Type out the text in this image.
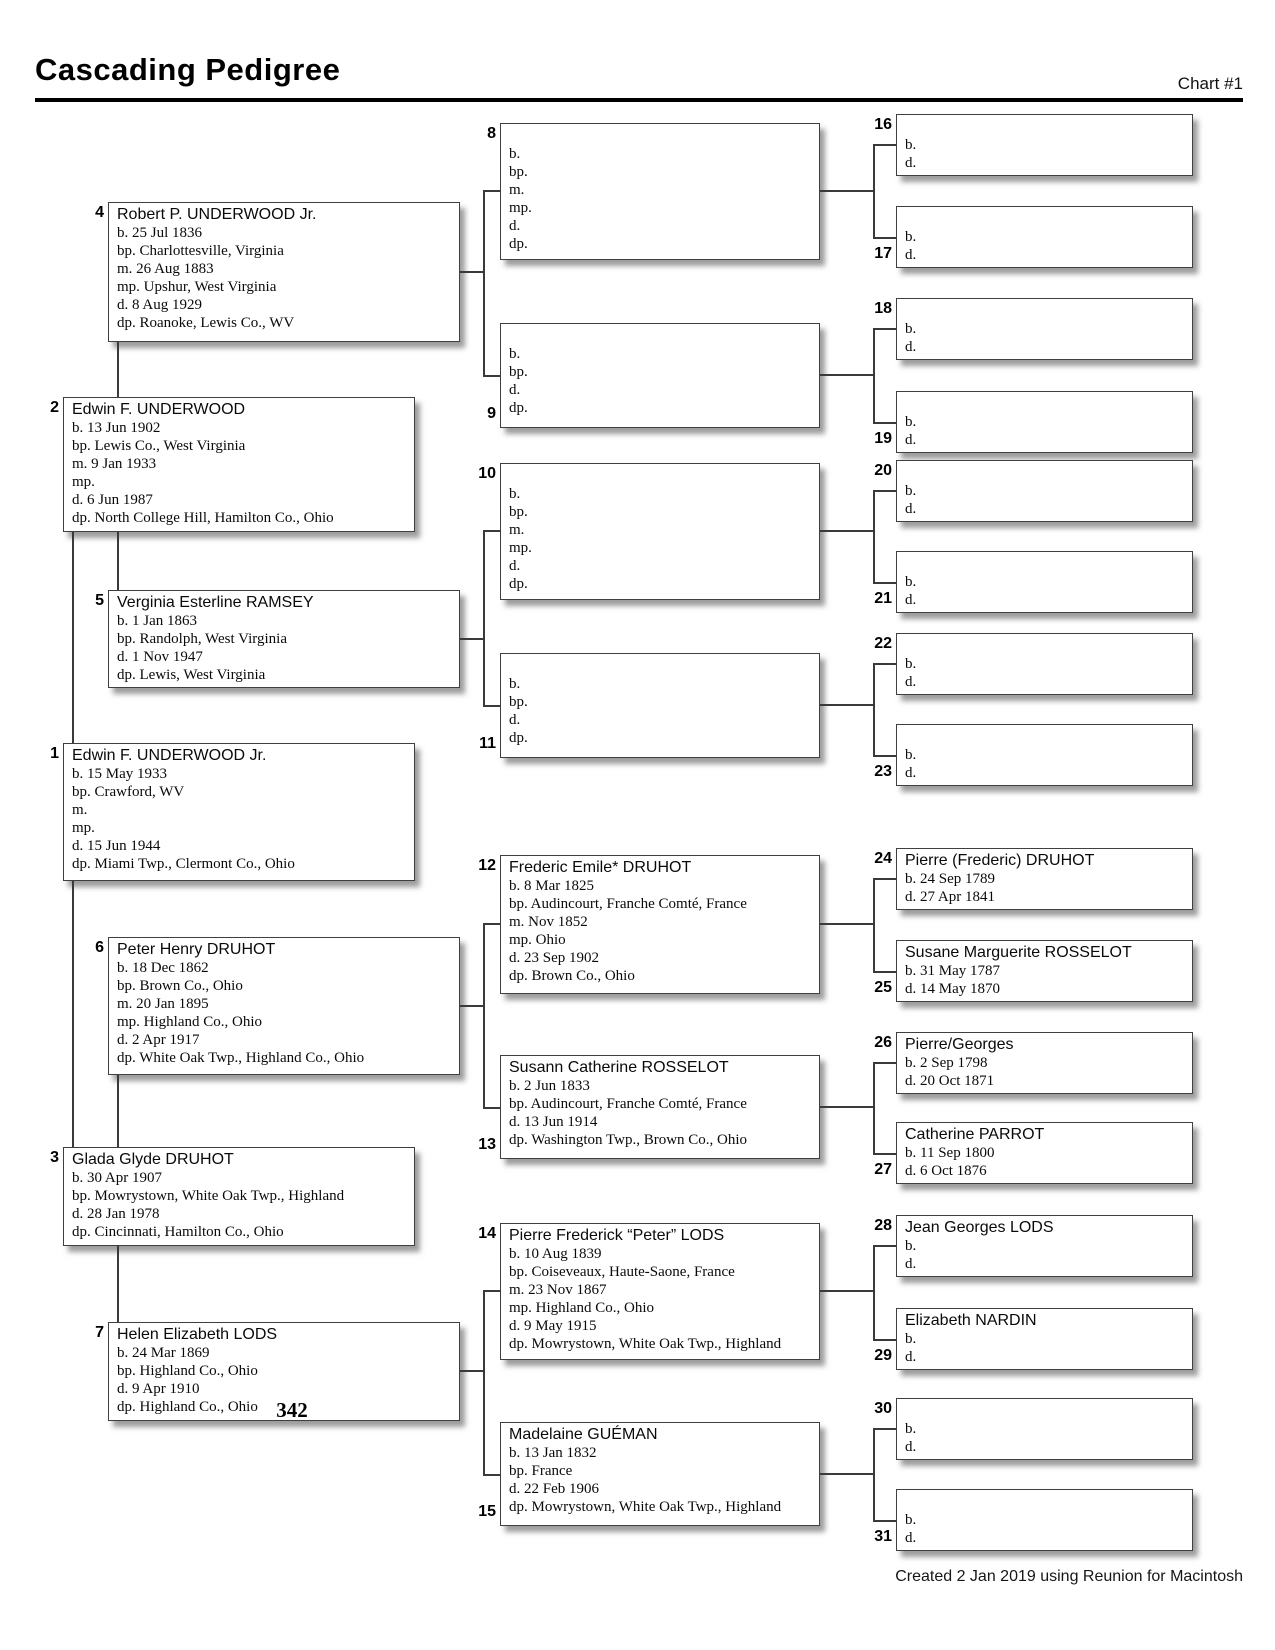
Cascading Pedigree	Chart #1
4 Robert P. UNDERWOOD Jr.
b. 25 Jul 1836
bp. Charlottesville, Virginia
m. 26 Aug 1883
mp. Upshur, West Virginia
d. 8 Aug 1929
dp. Roanoke, Lewis Co., WV
2 Edwin F. UNDERWOOD
b. 13 Jun 1902
bp. Lewis Co., West Virginia
m. 9 Jan 1933
mp.
d. 6 Jun 1987
dp. North College Hill, Hamilton Co., Ohio
5 Verginia Esterline RAMSEY
b. 1 Jan 1863
bp. Randolph, West Virginia
d. 1 Nov 1947
dp. Lewis, West Virginia
1 Edwin F. UNDERWOOD Jr.
b. 15 May 1933
bp. Crawford, WV
m.
mp.
d. 15 Jun 1944
dp. Miami Twp., Clermont Co., Ohio
6 Peter Henry DRUHOT
b. 18 Dec 1862
bp. Brown Co., Ohio
m. 20 Jan 1895
mp. Highland Co., Ohio
d. 2 Apr 1917
dp. White Oak Twp., Highland Co., Ohio
3 Glada Glyde DRUHOT
b. 30 Apr 1907
bp. Mowrystown, White Oak Twp., Highland
d. 28 Jan 1978
dp. Cincinnati, Hamilton Co., Ohio
7 Helen Elizabeth LODS
b. 24 Mar 1869
bp. Highland Co., Ohio
d. 9 Apr 1910
dp. Highland Co., Ohio
8
b.
bp.
m.
mp.
d.
dp.
9
b.
bp.
d.
dp.
10
b.
bp.
m.
mp.
d.
dp.
11
b.
bp.
d.
dp.
12 Frederic Emile* DRUHOT
b. 8 Mar 1825
bp. Audincourt, Franche Comté, France
m. Nov 1852
mp. Ohio
d. 23 Sep 1902
dp. Brown Co., Ohio
13
Susann Catherine ROSSELOT
b. 2 Jun 1833
bp. Audincourt, Franche Comté, France
d. 13 Jun 1914
dp. Washington Twp., Brown Co., Ohio
14 Pierre Frederick “Peter” LODS
b. 10 Aug 1839
bp. Coiseveaux, Haute-Saone, France
m. 23 Nov 1867
mp. Highland Co., Ohio
d. 9 May 1915
dp. Mowrystown, White Oak Twp., Highland
15
Madelaine GUÉMAN
b. 13 Jan 1832
bp. France
d. 22 Feb 1906
dp. Mowrystown, White Oak Twp., Highland
16
b.
d.
17
b.
d.
18
b.
d.
19
b.
d.
20
b.
d.
21
b.
d.
22
b.
d.
23
b.
d.
24 Pierre (Frederic) DRUHOT
b. 24 Sep 1789
d. 27 Apr 1841
25
Susane Marguerite ROSSELOT
b. 31 May 1787
d. 14 May 1870
26 Pierre/Georges
b. 2 Sep 1798
d. 20 Oct 1871
27
Catherine PARROT
b. 11 Sep 1800
d. 6 Oct 1876
28 Jean Georges LODS
b.
d.
29
Elizabeth NARDIN
b.
d.
30
b.
d.
31
b.
d.
342
Created 2 Jan 2019 using Reunion for Macintosh
